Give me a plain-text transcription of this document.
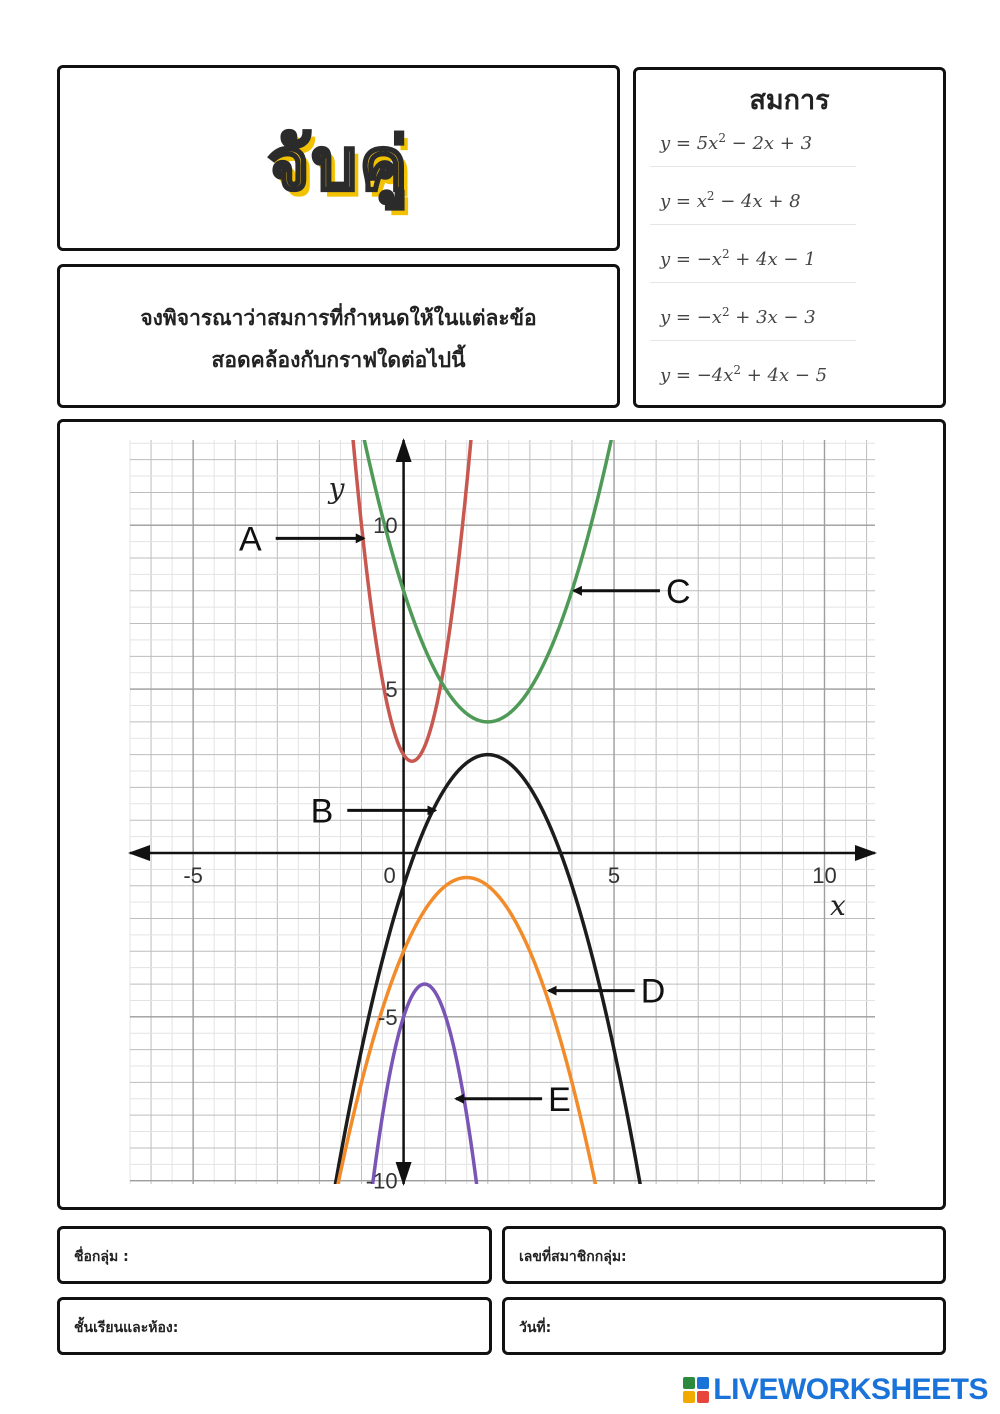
จับคู่
จงพิจารณาว่าสมการที่กำหนดให้ในแต่ละข้อ
สอดคล้องกับกราฟใดต่อไปนี้
สมการ
$y = 5x^2 - 2x + 3$
$y = x^2 - 4x + 8$
$y = -x^2 + 4x - 1$
$y = -x^2 + 3x - 3$
$y = -4x^2 + 4x - 5$
-5	0	5	10
10
5
-5
-10
x
y
A
C
B
D
E
ชื่อกลุ่ม :	เลขที่สมาชิกกลุ่ม:
ชั้นเรียนและห้อง:	วันที่:
LIVEWORKSHEETS
